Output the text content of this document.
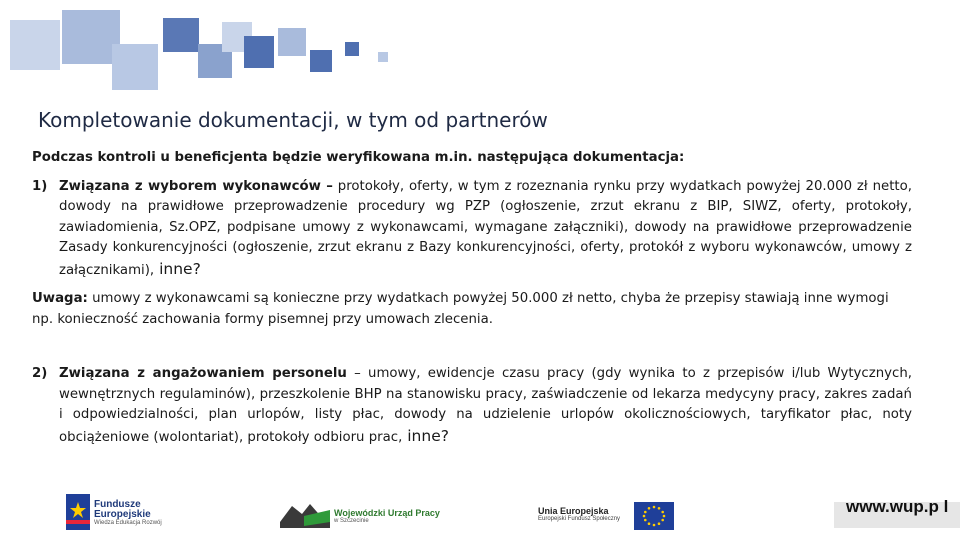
Kompletowanie dokumentacji, w tym od partnerów

Podczas kontroli u beneficjenta będzie weryfikowana m.in. następująca dokumentacja:

1) Związana z wyborem wykonawców – protokoły, oferty, w tym z rozeznania rynku przy wydatkach powyżej 20.000 zł netto, dowody na prawidłowe przeprowadzenie procedury wg PZP (ogłoszenie, zrzut ekranu z BIP, SIWZ, oferty, protokoły, zawiadomienia, Sz.OPZ, podpisane umowy z wykonawcami, wymagane załączniki), dowody na prawidłowe przeprowadzenie Zasady konkurencyjności (ogłoszenie, zrzut ekranu z Bazy konkurencyjności, oferty, protokół z wyboru wykonawców, umowy z załącznikami), inne?

Uwaga: umowy z wykonawcami są konieczne przy wydatkach powyżej 50.000 zł netto, chyba że przepisy stawiają inne wymogi np. konieczność zachowania formy pisemnej przy umowach zlecenia.

2) Związana z angażowaniem personelu – umowy, ewidencje czasu pracy (gdy wynika to z przepisów i/lub Wytycznych, wewnętrznych regulaminów), przeszkolenie BHP na stanowisku pracy, zaświadczenie od lekarza medycyny pracy, zakres zadań i odpowiedzialności, plan urlopów, listy płac, dowody na udzielenie urlopów okolicznościowych, taryfikator płac, noty obciążeniowe (wolontariat), protokoły odbioru prac, inne?
Fundusze
Europejskie
Wiedza Edukacja Rozwój
Wojewódzki Urząd Pracy
w Szczecinie
Unia Europejska
Europejski Fundusz Społeczny
www.wup.p l
